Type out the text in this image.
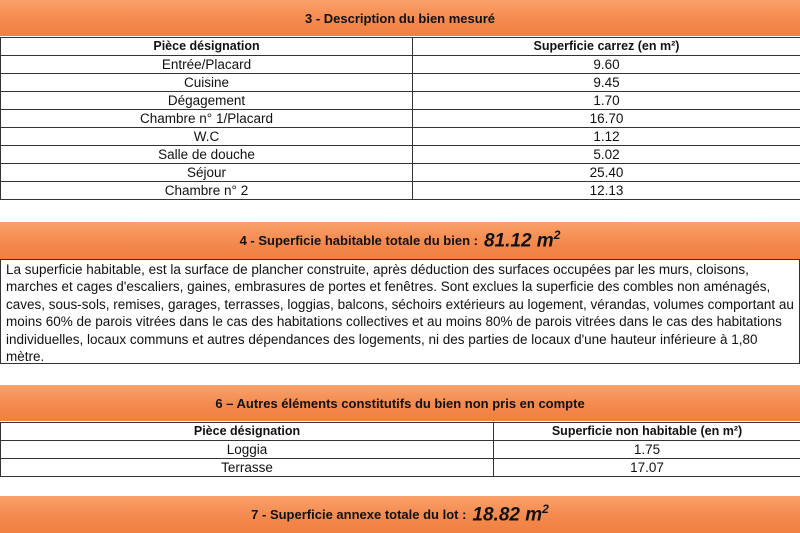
3 - Description du bien mesuré
Pièce désignation	Superficie carrez (en m²)
Entrée/Placard	9.60
Cuisine	9.45
Dégagement	1.70
Chambre n° 1/Placard	16.70
W.C	1.12
Salle de douche	5.02
Séjour	25.40
Chambre n° 2	12.13
4 - Superficie habitable totale du bien : 81.12 $m^2$
La superficie habitable, est la surface de plancher construite, après déduction des surfaces occupées par les murs, cloisons, marches et cages d'escaliers, gaines, embrasures de portes et fenêtres. Sont exclues la superficie des combles non aménagés, caves, sous-sols, remises, garages, terrasses, loggias, balcons, séchoirs extérieurs au logement, vérandas, volumes comportant au moins 60% de parois vitrées dans le cas des habitations collectives et au moins 80% de parois vitrées dans le cas des habitations individuelles, locaux communs et autres dépendances des logements, ni des parties de locaux d'une hauteur inférieure à 1,80 mètre.
6 – Autres éléments constitutifs du bien non pris en compte
Pièce désignation	Superficie non habitable (en m²)
Loggia	1.75
Terrasse	17.07
7 - Superficie annexe totale du lot : 18.82 $m^2$
